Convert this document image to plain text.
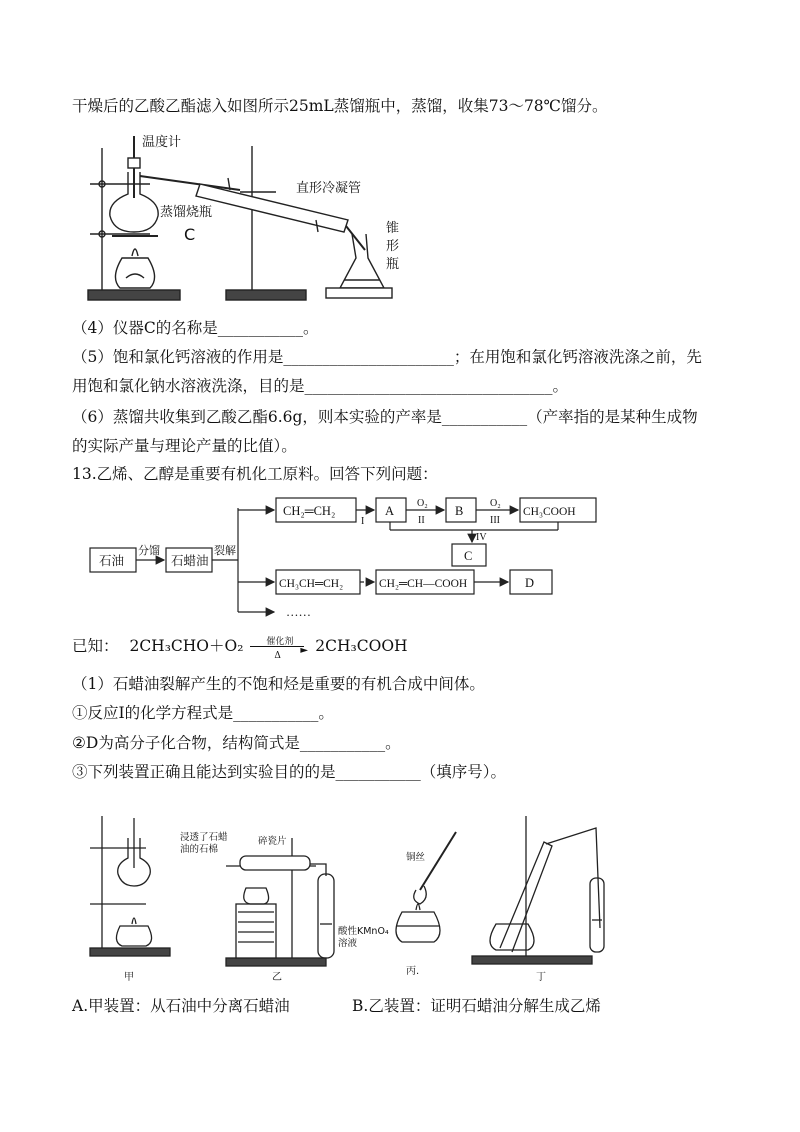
干燥后的乙酸乙酯滤入如图所示25mL蒸馏瓶中，蒸馏，收集73～78℃馏分。
温度计
直形冷凝管
蒸馏烧瓶
C	锥
形
瓶
（4）仪器C的名称是___________。
（5）饱和氯化钙溶液的作用是______________________；在用饱和氯化钙溶液洗涤之前，先
用饱和氯化钠水溶液洗涤，目的是________________________________。
（6）蒸馏共收集到乙酸乙酯6.6g，则本实验的产率是___________（产率指的是某种生成物
的实际产量与理论产量的比值）。
13.乙烯、乙醇是重要有机化工原料。回答下列问题：
石油
分馏
石蜡油
裂解
CH₂═CH₂
I
A
O₂
II
B
O₂
III
CH₃COOH
IV
C
CH₃CH═CH₂	CH₂═CH—COOH	D
……
已知： 2CH₃CHO＋O₂	催化剂
►
Δ
2CH₃COOH
（1）石蜡油裂解产生的不饱和烃是重要的有机合成中间体。
①反应I的化学方程式是___________。
②D为高分子化合物，结构简式是___________。
③下列装置正确且能达到实验目的的是___________（填序号）。
甲
浸透了石蜡
油的石棉
碎瓷片
酸性KMnO₄
溶液
乙
铜丝
丙.
丁
A.甲装置：从石油中分离石蜡油	B.乙装置：证明石蜡油分解生成乙烯
